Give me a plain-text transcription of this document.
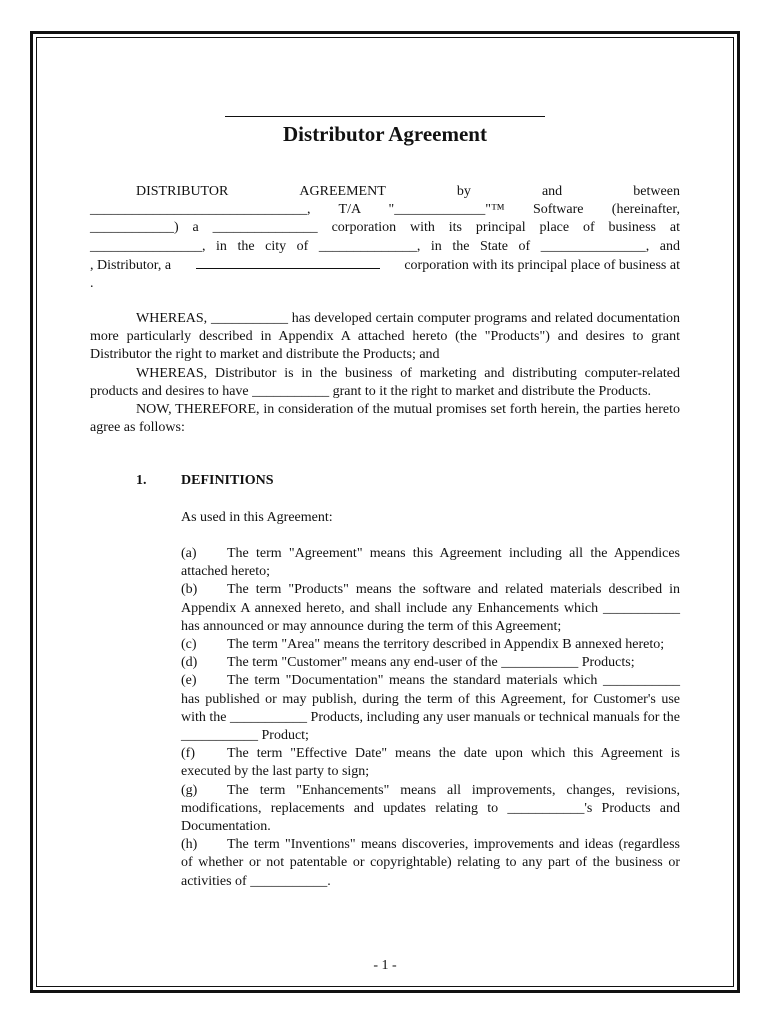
Distributor Agreement

DISTRIBUTOR	AGREEMENT	by	and	between

_______________________________, T/A "_____________"™ Software (hereinafter,

____________) a _______________ corporation with its principal place of business at

________________, in the city of ______________, in the State of _______________, and

, Distributor, a	corporation with its principal place of business at

.

WHEREAS, ___________ has developed certain computer programs and related documentation more particularly described in Appendix A attached hereto (the "Products") and desires to grant Distributor the right to market and distribute the Products; and

WHEREAS, Distributor is in the business of marketing and distributing computer-related products and desires to have ___________ grant to it the right to market and distribute the Products.

NOW, THEREFORE, in consideration of the mutual promises set forth herein, the parties hereto agree as follows:

1. DEFINITIONS

As used in this Agreement:

(a) The term "Agreement" means this Agreement including all the Appendices attached hereto;

(b) The term "Products" means the software and related materials described in Appendix A annexed hereto, and shall include any Enhancements which ___________ has announced or may announce during the term of this Agreement;

(c) The term "Area" means the territory described in Appendix B annexed hereto;

(d) The term "Customer" means any end-user of the ___________ Products;

(e) The term "Documentation" means the standard materials which ___________ has published or may publish, during the term of this Agreement, for Customer's use with the ___________ Products, including any user manuals or technical manuals for the ___________ Product;

(f) The term "Effective Date" means the date upon which this Agreement is executed by the last party to sign;

(g) The term "Enhancements" means all improvements, changes, revisions, modifications, replacements and updates relating to ___________'s Products and Documentation.

(h) The term "Inventions" means discoveries, improvements and ideas (regardless of whether or not patentable or copyrightable) relating to any part of the business or activities of ___________.

- 1 -
